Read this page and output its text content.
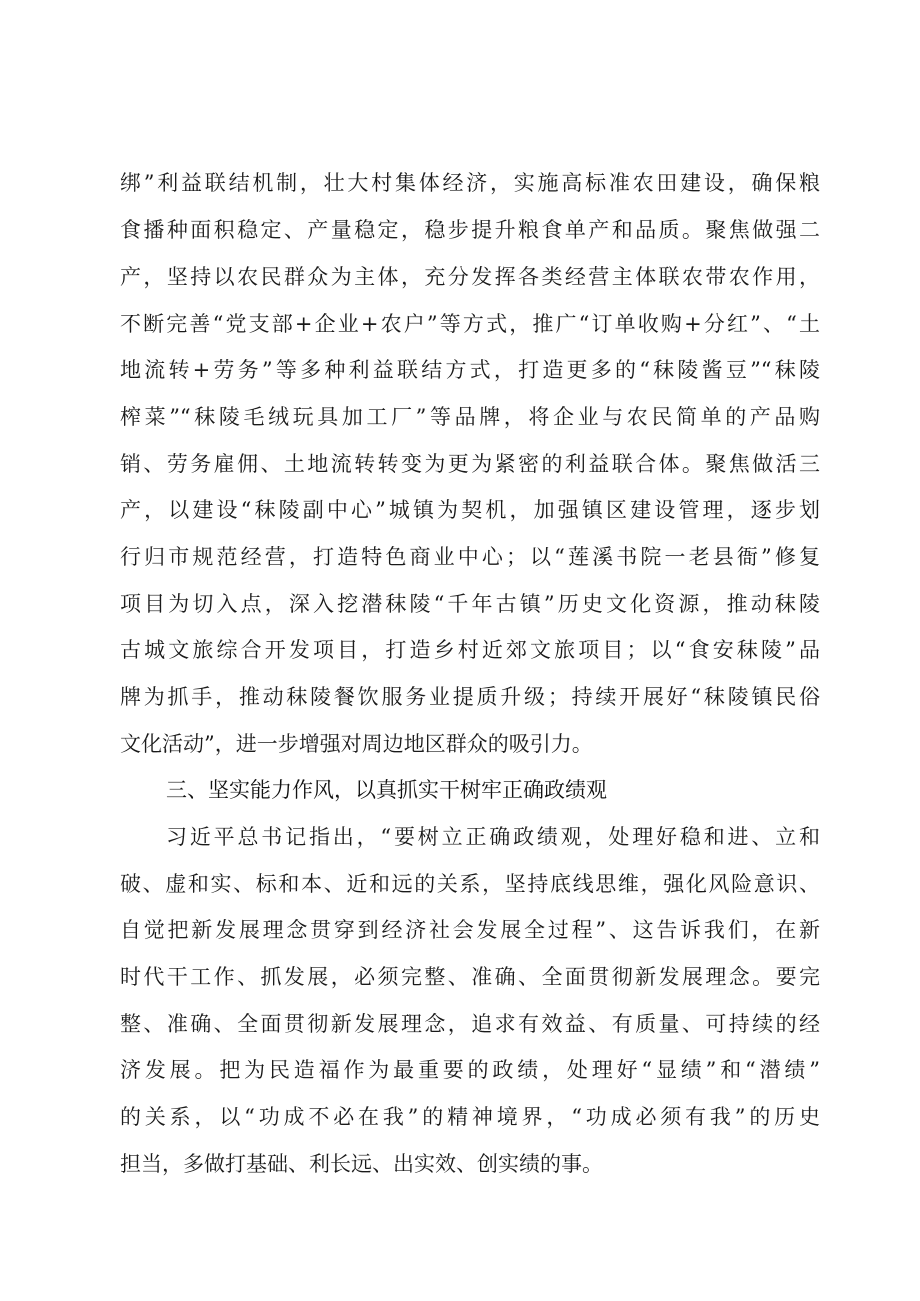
绑”利益联结机制，壮大村集体经济，实施高标准农田建设，确保粮
食播种面积稳定、产量稳定，稳步提升粮食单产和品质。聚焦做强二
产，坚持以农民群众为主体，充分发挥各类经营主体联农带农作用，
不断完善“党支部+企业+农户”等方式，推广“订单收购+分红”、“土
地流转+劳务”等多种利益联结方式，打造更多的“秣陵酱豆”“秣陵
榨菜”“秣陵毛绒玩具加工厂”等品牌，将企业与农民简单的产品购
销、劳务雇佣、土地流转转变为更为紧密的利益联合体。聚焦做活三
产，以建设“秣陵副中心”城镇为契机，加强镇区建设管理，逐步划
行归市规范经营，打造特色商业中心；以“莲溪书院一老县衙”修复
项目为切入点，深入挖潜秣陵“千年古镇”历史文化资源，推动秣陵
古城文旅综合开发项目，打造乡村近郊文旅项目；以“食安秣陵”品
牌为抓手，推动秣陵餐饮服务业提质升级；持续开展好“秣陵镇民俗
文化活动”，进一步增强对周边地区群众的吸引力。
三、坚实能力作风，以真抓实干树牢正确政绩观
习近平总书记指出，“要树立正确政绩观，处理好稳和进、立和
破、虚和实、标和本、近和远的关系，坚持底线思维，强化风险意识、
自觉把新发展理念贯穿到经济社会发展全过程”、这告诉我们，在新
时代干工作、抓发展，必须完整、准确、全面贯彻新发展理念。要完
整、准确、全面贯彻新发展理念，追求有效益、有质量、可持续的经
济发展。把为民造福作为最重要的政绩，处理好“显绩”和“潜绩”
的关系，以“功成不必在我”的精神境界，“功成必须有我”的历史
担当，多做打基础、利长远、出实效、创实绩的事。
